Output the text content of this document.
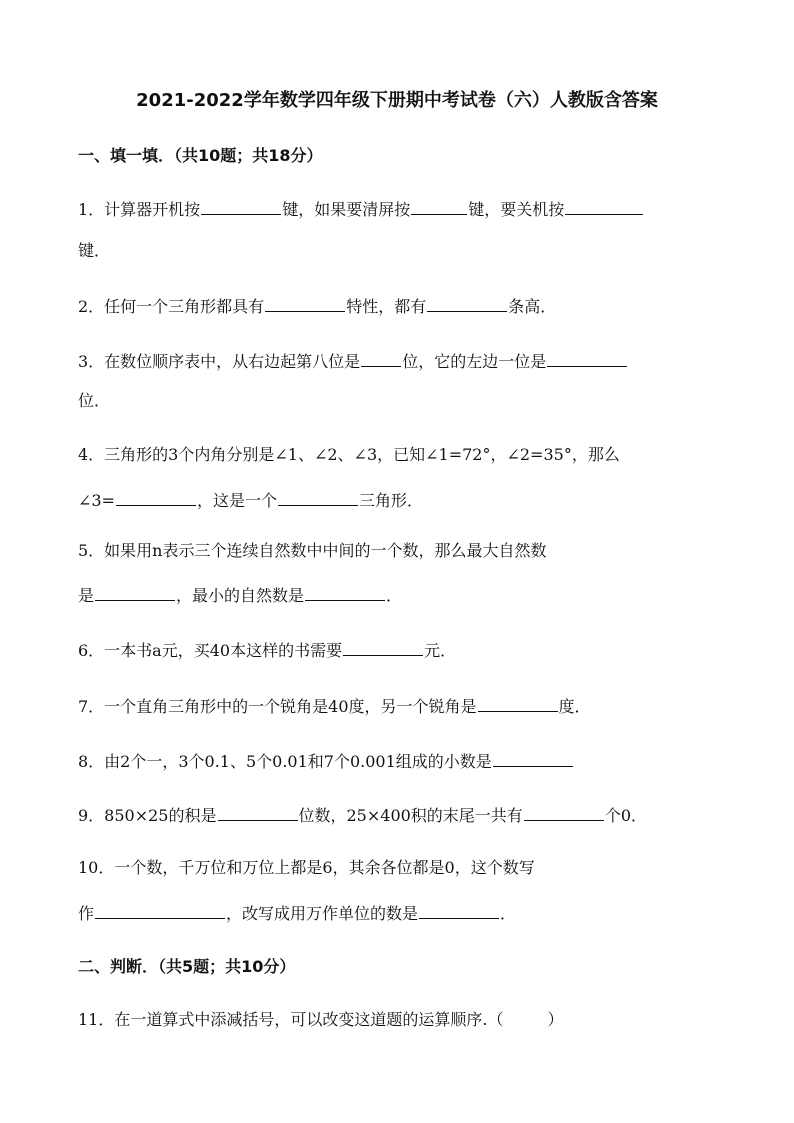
2021-2022学年数学四年级下册期中考试卷（六）人教版含答案
一、填一填．（共10题；共18分）
1．计算器开机按	键，如果要清屏按	键，要关机按
键．
2．任何一个三角形都具有	特性，都有	条高．
3．在数位顺序表中，从右边起第八位是	位，它的左边一位是
位．
4．三角形的3个内角分别是∠1、∠2、∠3，已知∠1=72°，∠2=35°，那么
∠3=	，这是一个	三角形．
5．如果用n表示三个连续自然数中中间的一个数，那么最大自然数
是	，最小的自然数是	．
6．一本书a元，买40本这样的书需要	元．
7．一个直角三角形中的一个锐角是40度，另一个锐角是	度．
8．由2个一，3个0.1、5个0.01和7个0.001组成的小数是
9．850×25的积是	位数，25×400积的末尾一共有	个0．
10．一个数，千万位和万位上都是6，其余各位都是0，这个数写
作	，改写成用万作单位的数是	．
二、判断．（共5题；共10分）
11．在一道算式中添减括号，可以改变这道题的运算顺序.（	）
